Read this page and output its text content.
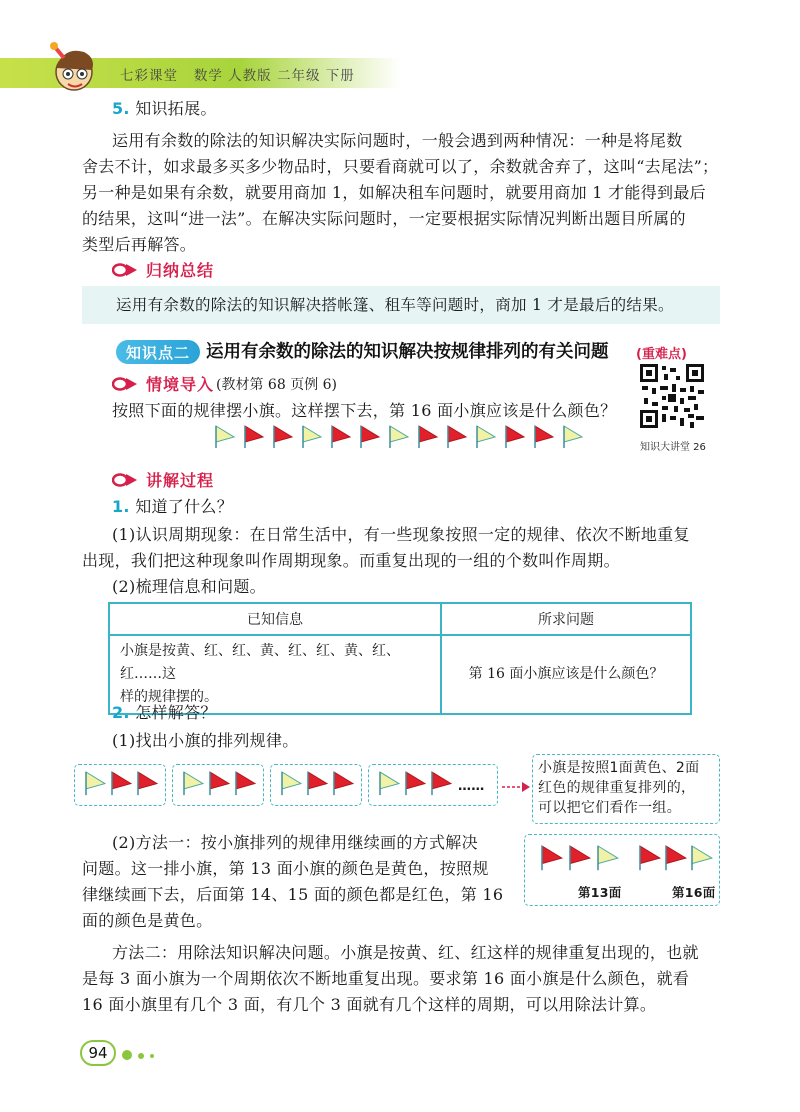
七彩课堂 数学 人教版 二年级 下册
5. 知识拓展。
运用有余数的除法的知识解决实际问题时，一般会遇到两种情况：一种是将尾数
舍去不计，如求最多买多少物品时，只要看商就可以了，余数就舍弃了，这叫“去尾法”；
另一种是如果有余数，就要用商加 1，如解决租车问题时，就要用商加 1 才能得到最后
的结果，这叫“进一法”。在解决实际问题时，一定要根据实际情况判断出题目所属的
类型后再解答。
归纳总结
运用有余数的除法的知识解决搭帐篷、租车等问题时，商加 1 才是最后的结果。
知识点二 运用有余数的除法的知识解决按规律排列的有关问题 (重难点)
情境导入 (教材第 68 页例 6)
按照下面的规律摆小旗。这样摆下去，第 16 面小旗应该是什么颜色？
知识大讲堂 26
讲解过程
1. 知道了什么？
(1)认识周期现象：在日常生活中，有一些现象按照一定的规律、依次不断地重复
出现，我们把这种现象叫作周期现象。而重复出现的一组的个数叫作周期。
(2)梳理信息和问题。
已知信息	所求问题

小旗是按黄、红、红、黄、红、红、黄、红、红……这
样的规律摆的。	第 16 面小旗应该是什么颜色？
2. 怎样解答？
(1)找出小旗的排列规律。
……
小旗是按照1面黄色、2面
红色的规律重复排列的，
可以把它们看作一组。
(2)方法一：按小旗排列的规律用继续画的方式解决
问题。这一排小旗，第 13 面小旗的颜色是黄色，按照规
律继续画下去，后面第 14、15 面的颜色都是红色，第 16
面的颜色是黄色。
第13面	第16面
方法二：用除法知识解决问题。小旗是按黄、红、红这样的规律重复出现的，也就
是每 3 面小旗为一个周期依次不断地重复出现。要求第 16 面小旗是什么颜色，就看
16 面小旗里有几个 3 面，有几个 3 面就有几个这样的周期，可以用除法计算。
94
